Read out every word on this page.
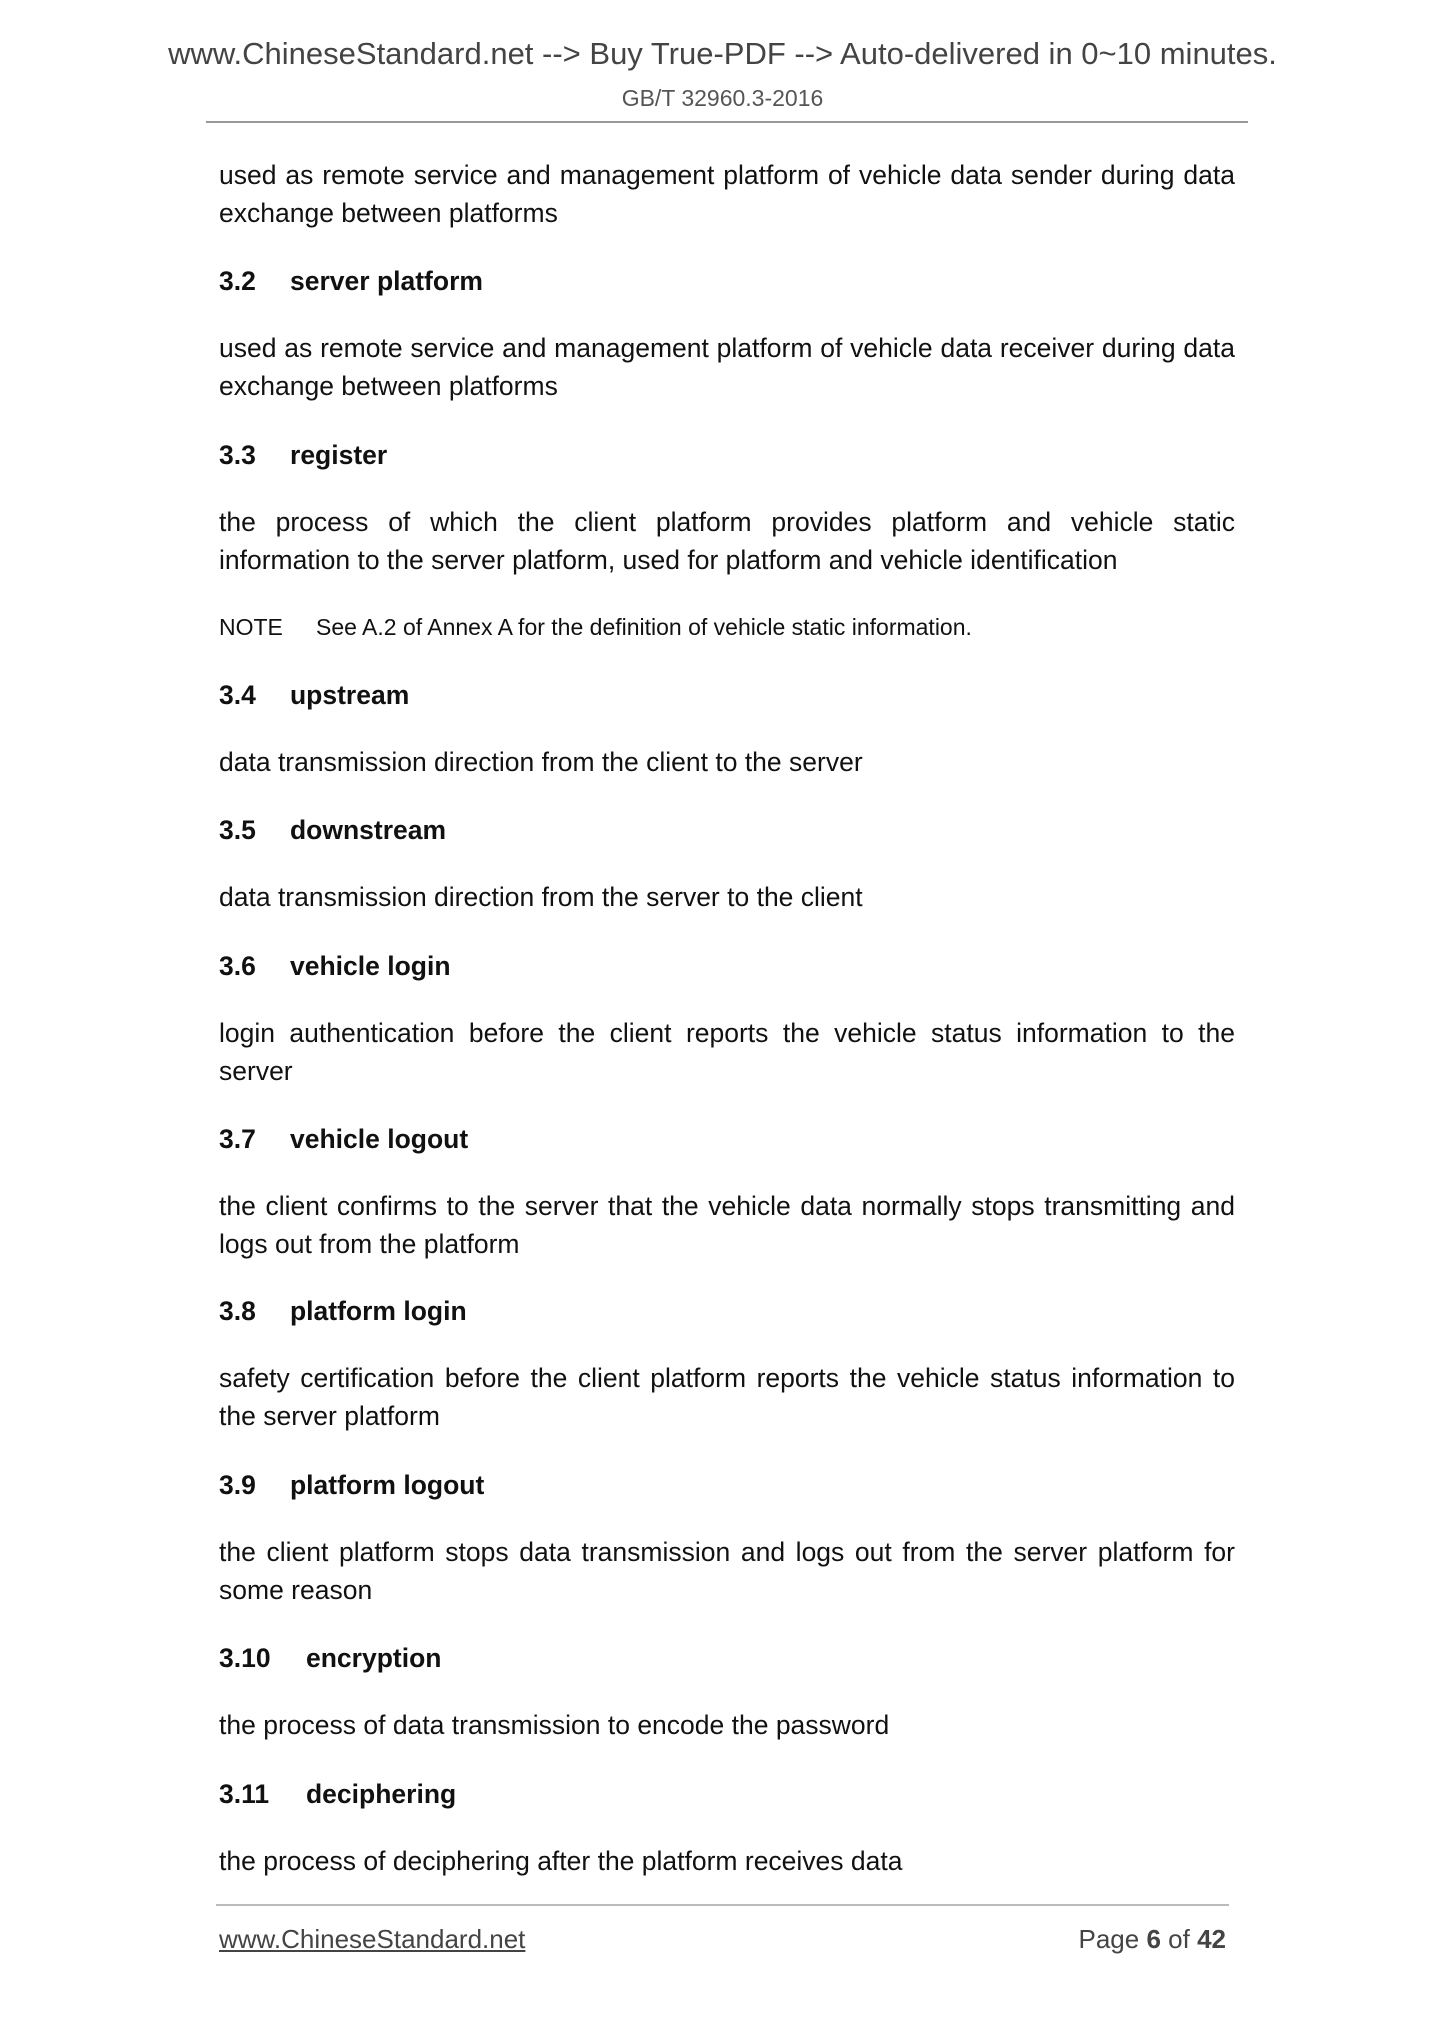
www.ChineseStandard.net --> Buy True-PDF --> Auto-delivered in 0~10 minutes.
GB/T 32960.3-2016
used as remote service and management platform of vehicle data sender during data exchange between platforms
3.2 server platform
used as remote service and management platform of vehicle data receiver during data exchange between platforms
3.3 register
the process of which the client platform provides platform and vehicle static information to the server platform, used for platform and vehicle identification
NOTE See A.2 of Annex A for the definition of vehicle static information.
3.4 upstream
data transmission direction from the client to the server
3.5 downstream
data transmission direction from the server to the client
3.6 vehicle login
login authentication before the client reports the vehicle status information to the server
3.7 vehicle logout
the client confirms to the server that the vehicle data normally stops transmitting and logs out from the platform
3.8 platform login
safety certification before the client platform reports the vehicle status information to the server platform
3.9 platform logout
the client platform stops data transmission and logs out from the server platform for some reason
3.10 encryption
the process of data transmission to encode the password
3.11 deciphering
the process of deciphering after the platform receives data
www.ChineseStandard.net	Page 6 of 42
